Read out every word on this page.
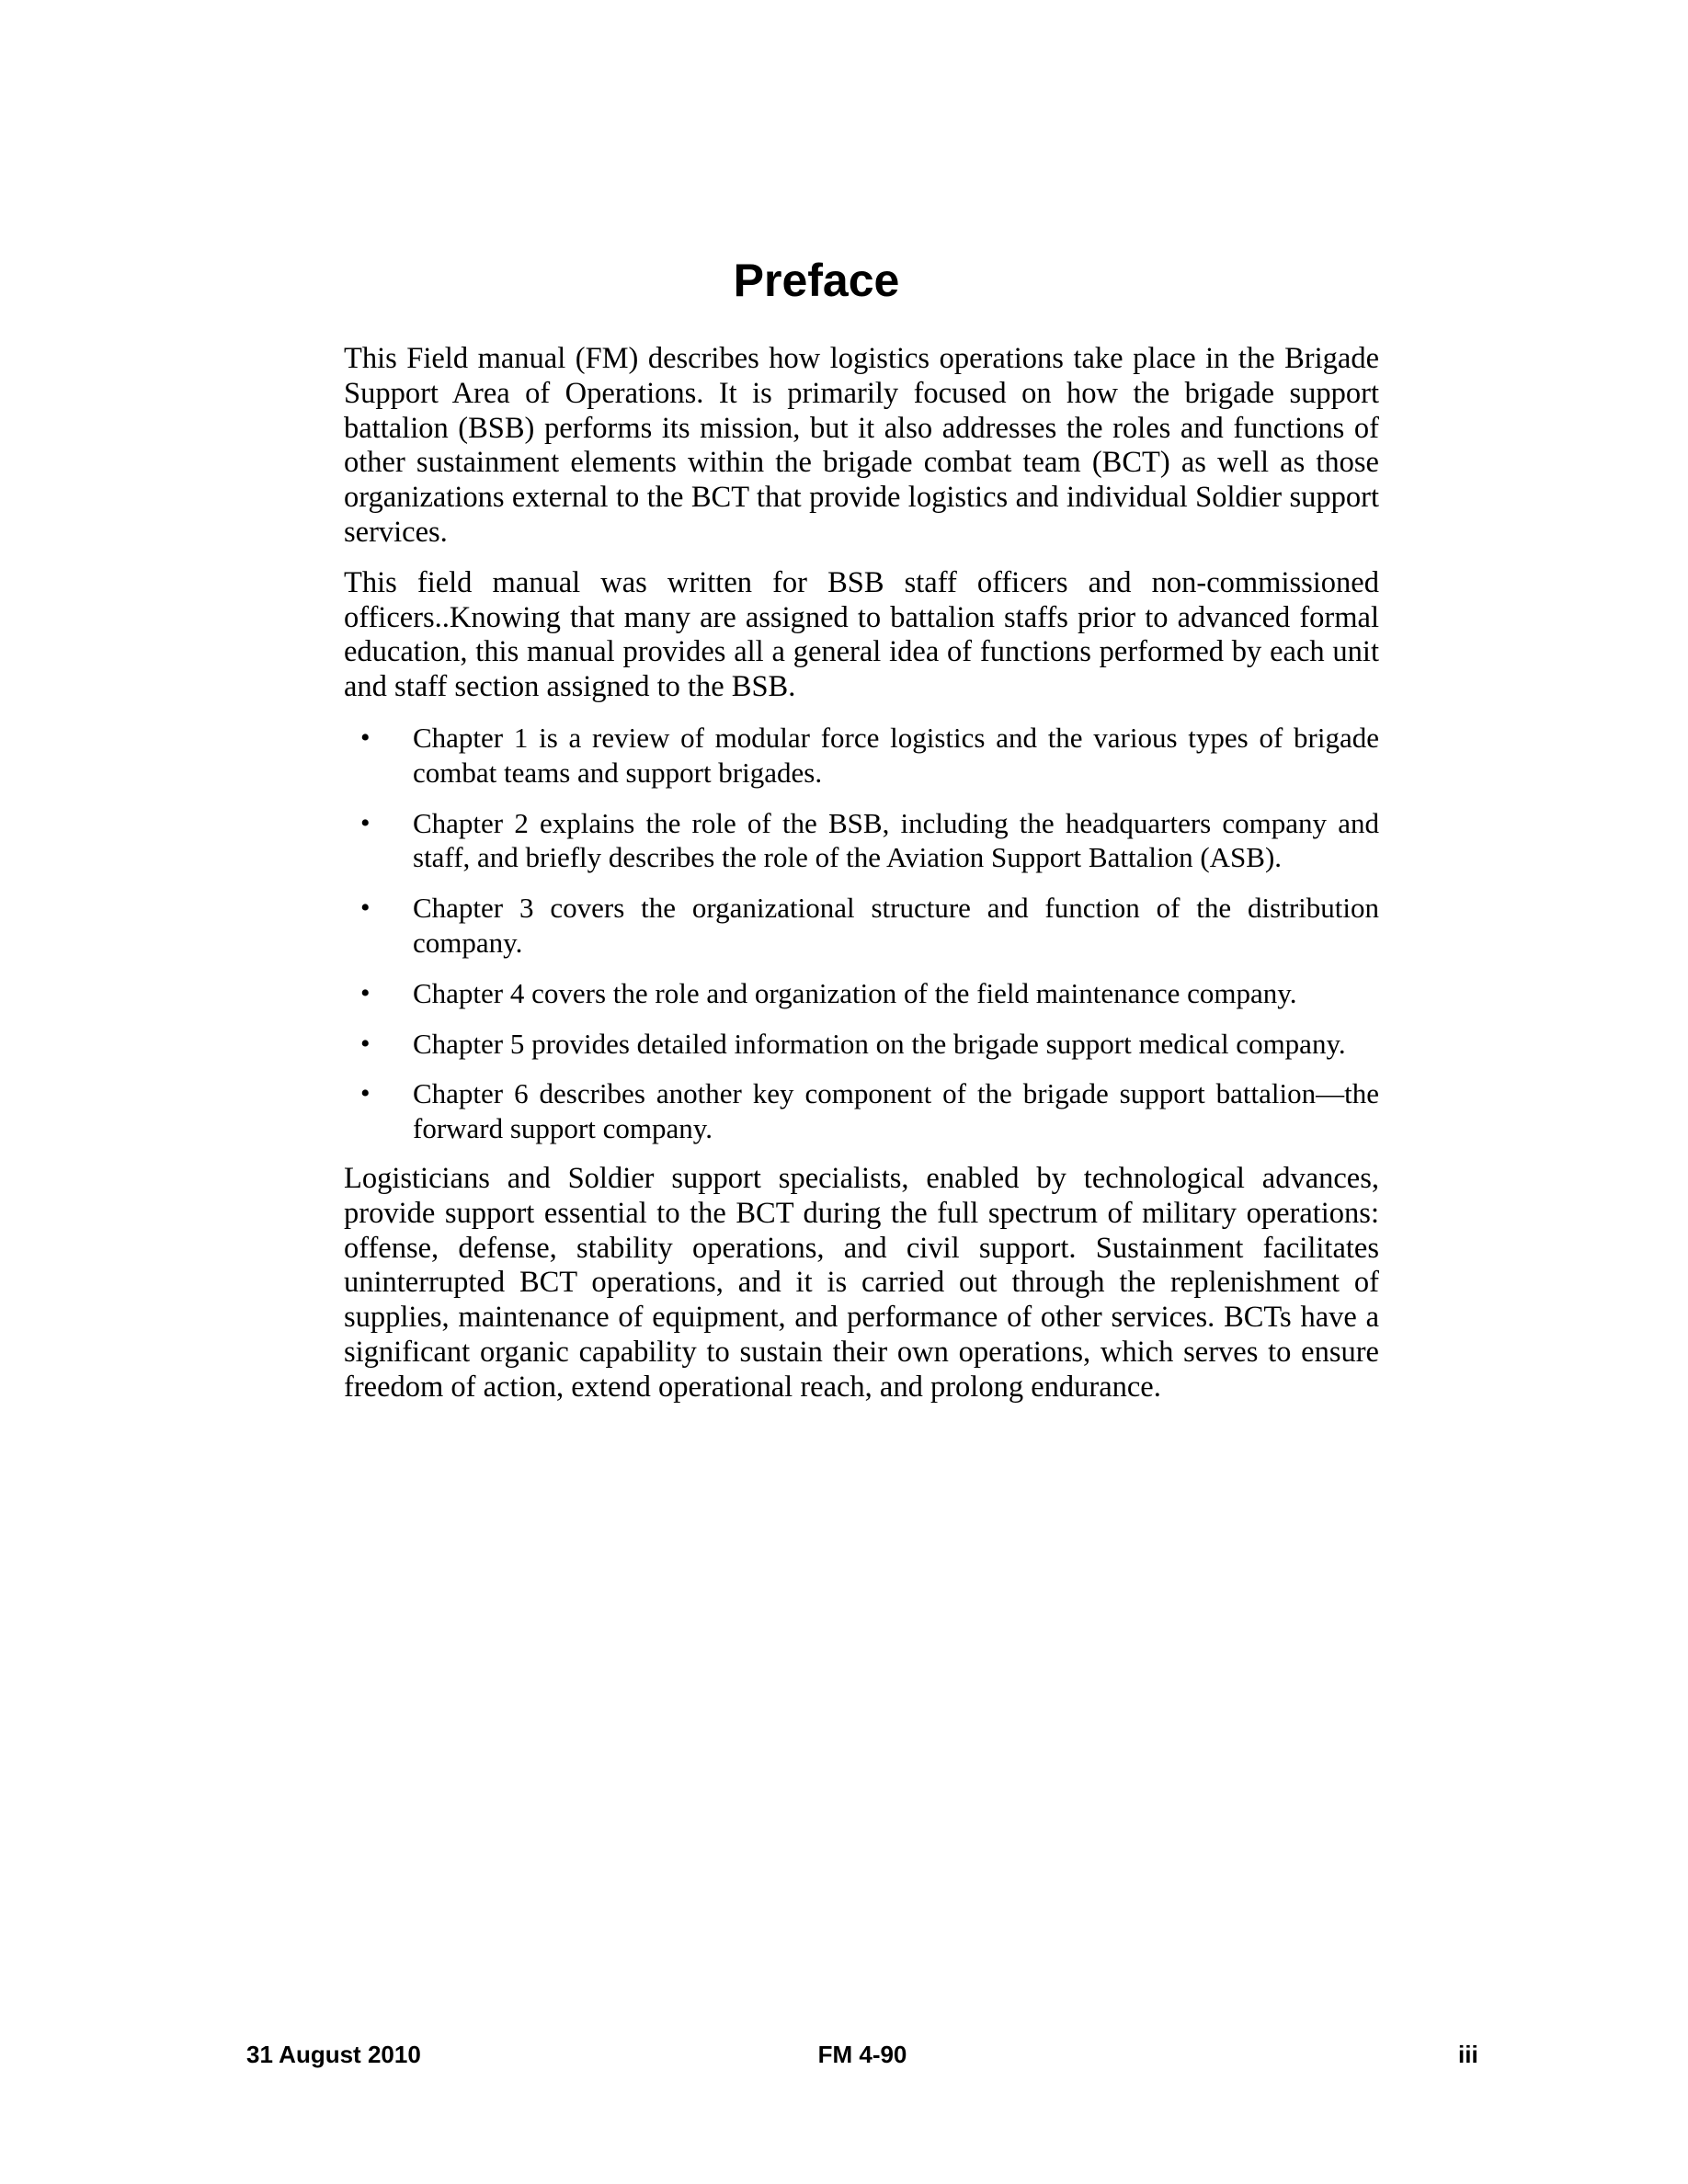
Preface

This Field manual (FM) describes how logistics operations take place in the Brigade Support Area of Operations. It is primarily focused on how the brigade support battalion (BSB) performs its mission, but it also addresses the roles and functions of other sustainment elements within the brigade combat team (BCT) as well as those organizations external to the BCT that provide logistics and individual Soldier support services.

This field manual was written for BSB staff officers and non-commissioned officers..Knowing that many are assigned to battalion staffs prior to advanced formal education, this manual provides all a general idea of functions performed by each unit and staff section assigned to the BSB.

• Chapter 1 is a review of modular force logistics and the various types of brigade combat teams and support brigades.
• Chapter 2 explains the role of the BSB, including the headquarters company and staff, and briefly describes the role of the Aviation Support Battalion (ASB).
• Chapter 3 covers the organizational structure and function of the distribution company.
• Chapter 4 covers the role and organization of the field maintenance company.
• Chapter 5 provides detailed information on the brigade support medical company.
• Chapter 6 describes another key component of the brigade support battalion—the forward support company.

Logisticians and Soldier support specialists, enabled by technological advances, provide support essential to the BCT during the full spectrum of military operations: offense, defense, stability operations, and civil support. Sustainment facilitates uninterrupted BCT operations, and it is carried out through the replenishment of supplies, maintenance of equipment, and performance of other services. BCTs have a significant organic capability to sustain their own operations, which serves to ensure freedom of action, extend operational reach, and prolong endurance.

31 August 2010	FM 4-90	iii
